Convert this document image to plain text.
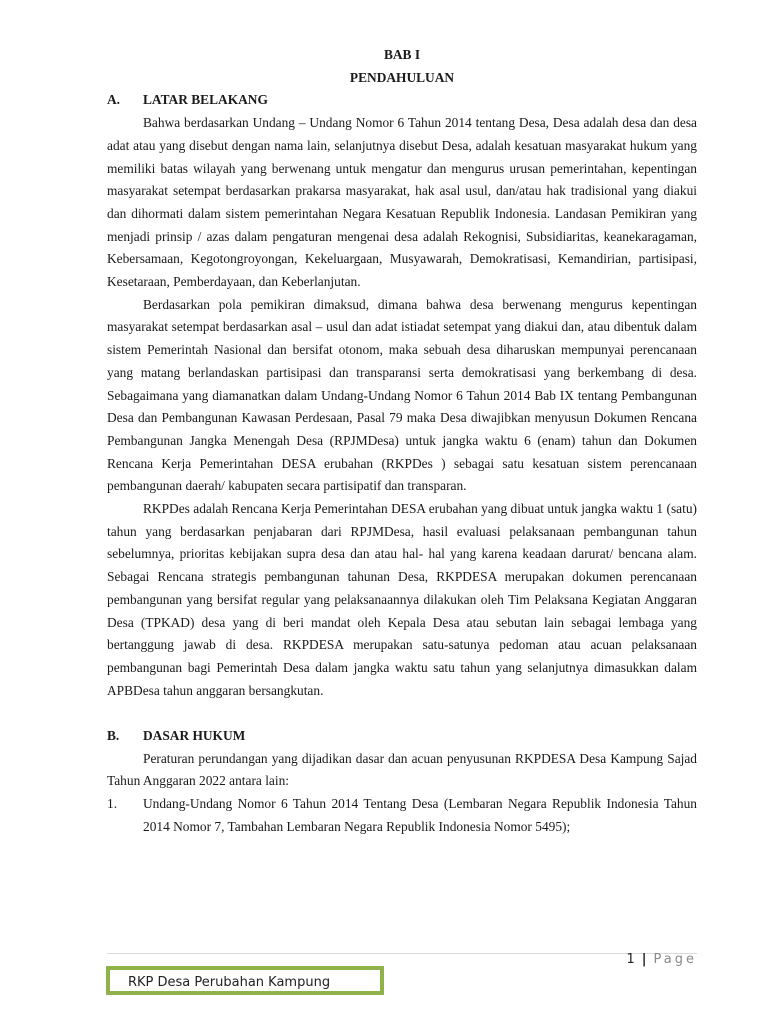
BAB I

PENDAHULUAN

A.	LATAR BELAKANG

Bahwa berdasarkan Undang – Undang Nomor 6 Tahun 2014 tentang Desa, Desa adalah desa dan desa adat atau yang disebut dengan nama lain, selanjutnya disebut Desa, adalah kesatuan masyarakat hukum yang memiliki batas wilayah yang berwenang untuk mengatur dan mengurus urusan pemerintahan, kepentingan masyarakat setempat berdasarkan prakarsa masyarakat, hak asal usul, dan/atau hak tradisional yang diakui dan dihormati dalam sistem pemerintahan Negara Kesatuan Republik Indonesia. Landasan Pemikiran yang menjadi prinsip / azas dalam pengaturan mengenai desa adalah Rekognisi, Subsidiaritas, keanekaragaman, Kebersamaan, Kegotongroyongan, Kekeluargaan, Musyawarah, Demokratisasi, Kemandirian, partisipasi, Kesetaraan, Pemberdayaan, dan Keberlanjutan.

Berdasarkan pola pemikiran dimaksud, dimana bahwa desa berwenang mengurus kepentingan masyarakat setempat berdasarkan asal – usul dan adat istiadat setempat yang diakui dan, atau dibentuk dalam sistem Pemerintah Nasional dan bersifat otonom, maka sebuah desa diharuskan mempunyai perencanaan yang matang berlandaskan partisipasi dan transparansi serta demokratisasi yang berkembang di desa. Sebagaimana yang diamanatkan dalam Undang-Undang Nomor 6 Tahun 2014 Bab IX tentang Pembangunan Desa dan Pembangunan Kawasan Perdesaan, Pasal 79 maka Desa diwajibkan menyusun Dokumen Rencana Pembangunan Jangka Menengah Desa (RPJMDesa) untuk jangka waktu 6 (enam) tahun dan Dokumen Rencana Kerja Pemerintahan DESA erubahan (RKPDes ) sebagai satu kesatuan sistem perencanaan pembangunan daerah/ kabupaten secara partisipatif dan transparan.

RKPDes adalah Rencana Kerja Pemerintahan DESA erubahan yang dibuat untuk jangka waktu 1 (satu) tahun yang berdasarkan penjabaran dari RPJMDesa, hasil evaluasi pelaksanaan pembangunan tahun sebelumnya, prioritas kebijakan supra desa dan atau hal- hal yang karena keadaan darurat/ bencana alam. Sebagai Rencana strategis pembangunan tahunan Desa, RKPDESA merupakan dokumen perencanaan pembangunan yang bersifat regular yang pelaksanaannya dilakukan oleh Tim Pelaksana Kegiatan Anggaran Desa (TPKAD) desa yang di beri mandat oleh Kepala Desa atau sebutan lain sebagai lembaga yang bertanggung jawab di desa. RKPDESA merupakan satu-satunya pedoman atau acuan pelaksanaan pembangunan bagi Pemerintah Desa dalam jangka waktu satu tahun yang selanjutnya dimasukkan dalam APBDesa tahun anggaran bersangkutan.

B.	DASAR HUKUM

Peraturan perundangan yang dijadikan dasar dan acuan penyusunan RKPDESA Desa Kampung Sajad Tahun Anggaran 2022 antara lain:

1.	Undang-Undang Nomor 6 Tahun 2014 Tentang Desa (Lembaran Negara Republik Indonesia Tahun 2014 Nomor 7, Tambahan Lembaran Negara Republik Indonesia Nomor 5495);
1 | Page
RKP Desa Perubahan Kampung
